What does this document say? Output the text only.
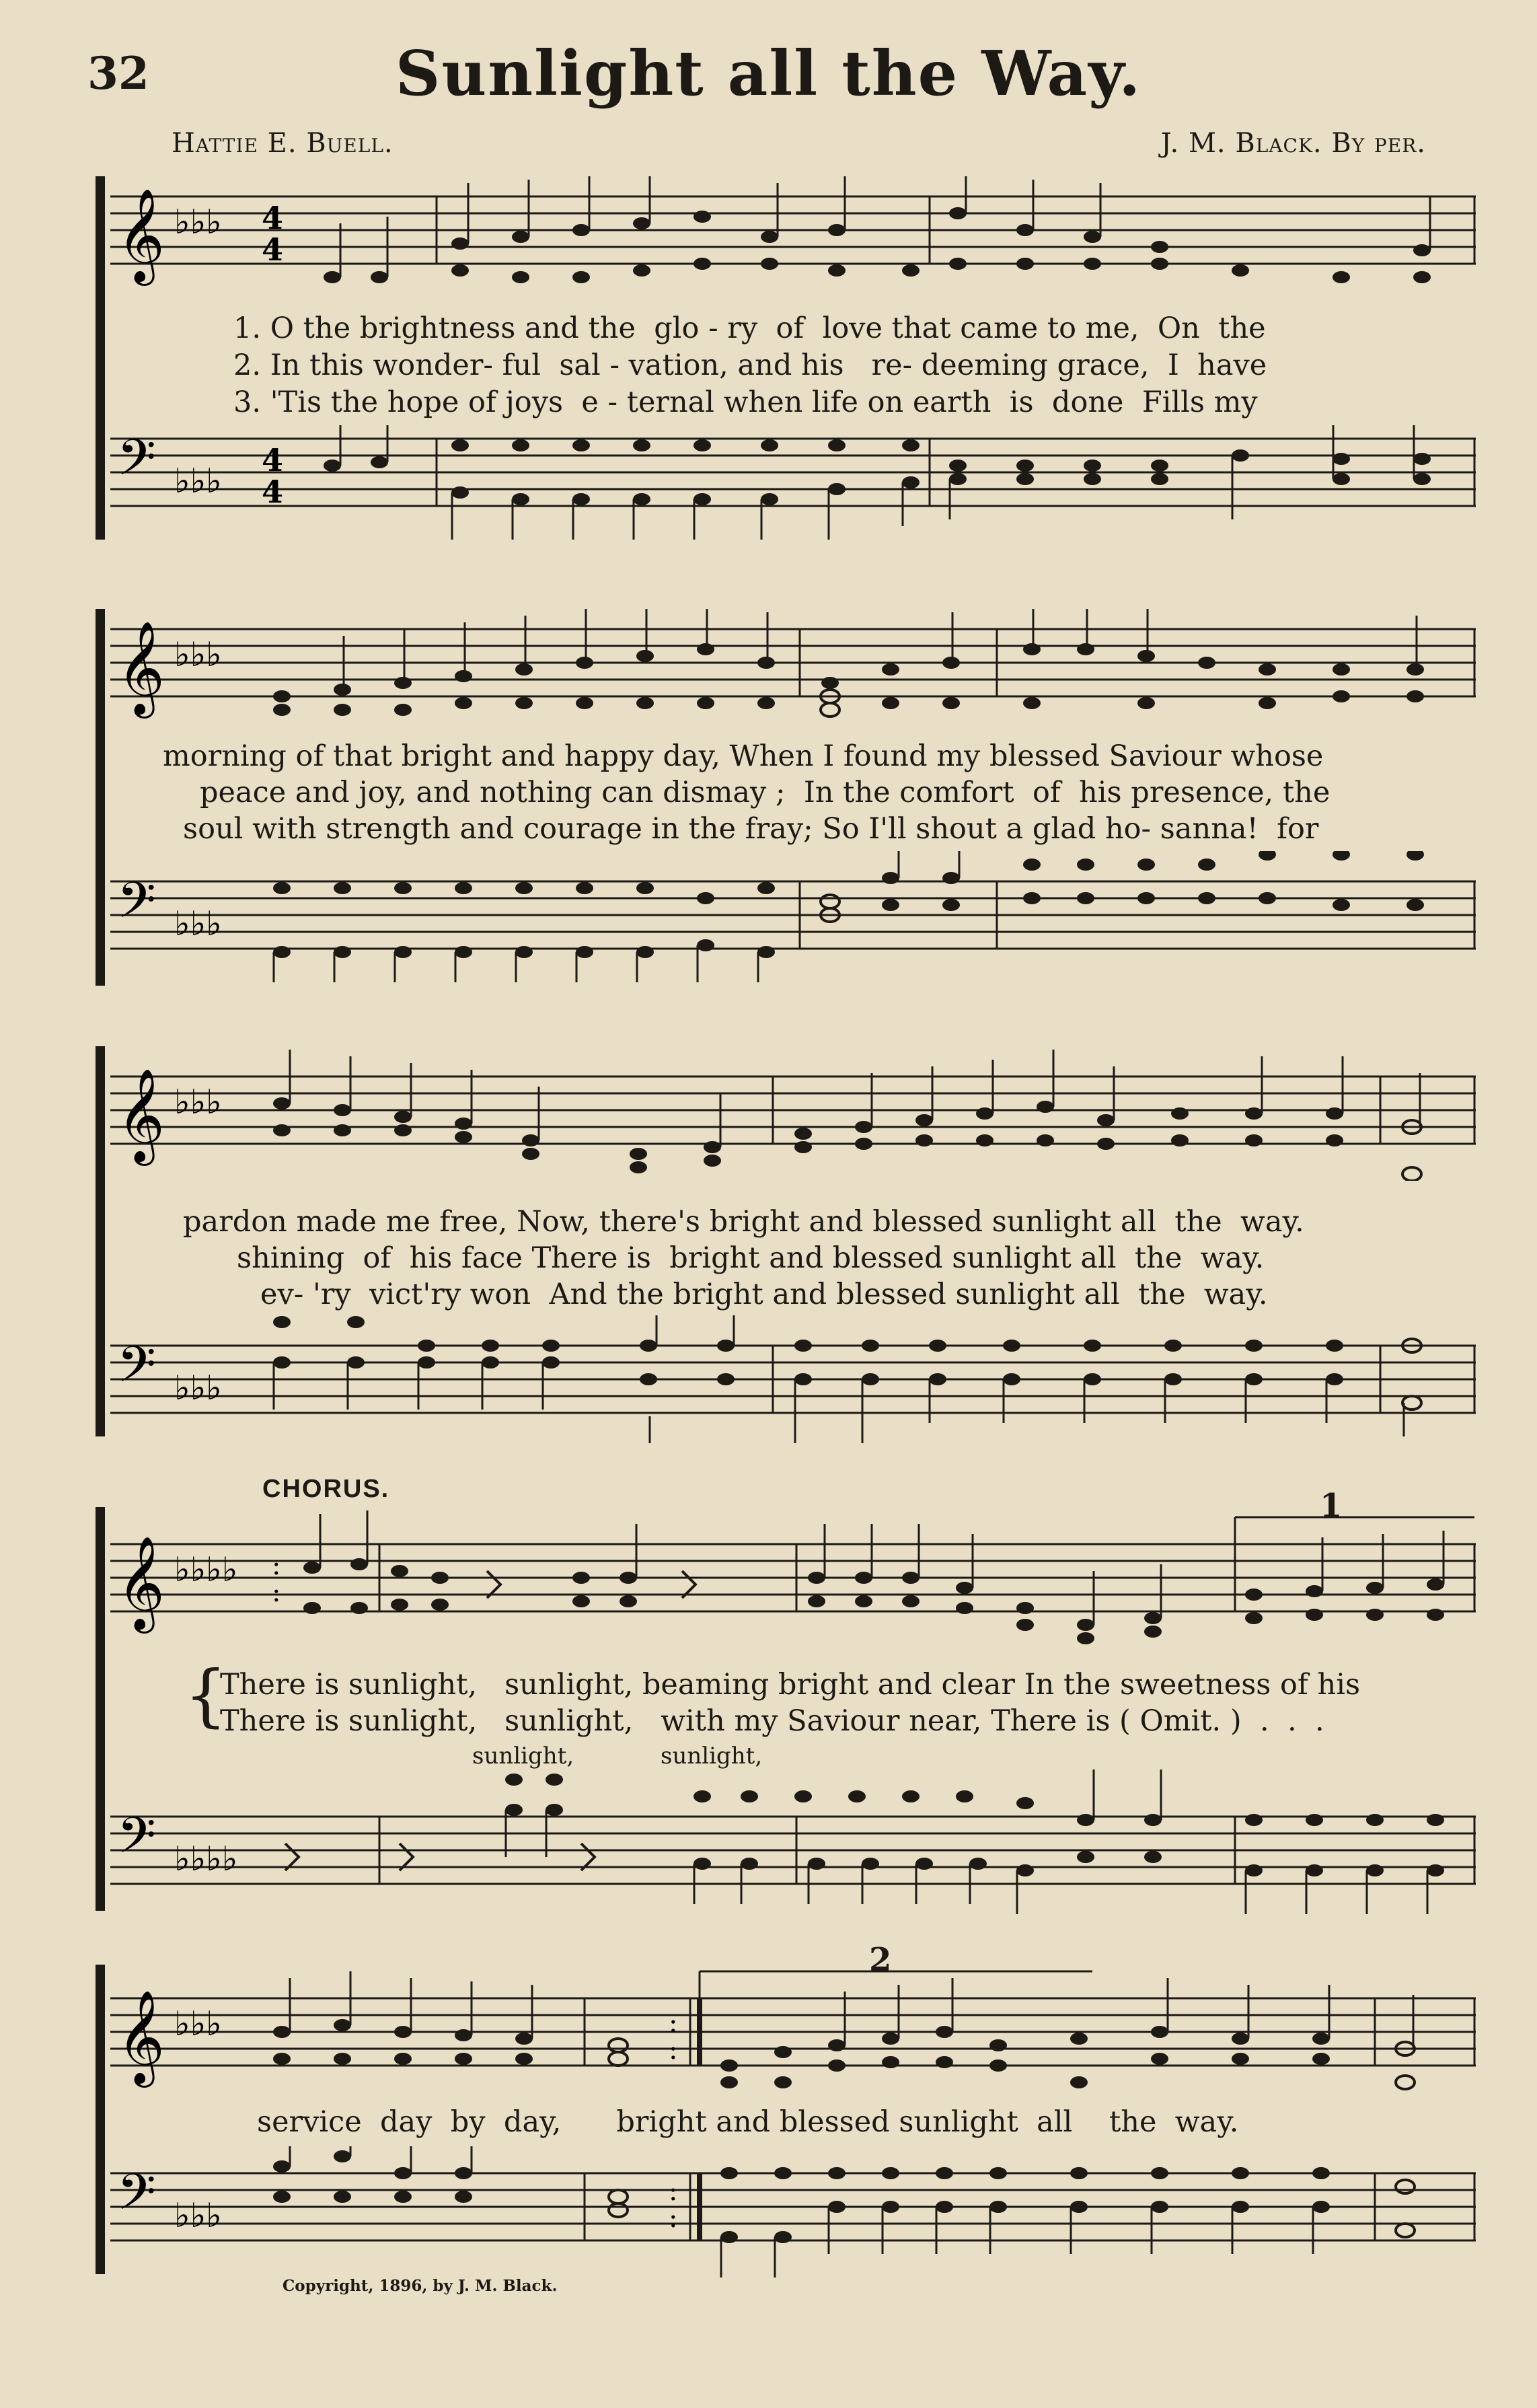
32	Sunlight all the Way.
Hattie E. Buell.	J. M. Black. By per.
𝄞 ♭♭♭ 4
4
1. O the brightness and the  glo - ry  of  love that came to me,  On  the
2. In this wonder- ful  sal - vation, and his   re- deeming grace,  I  have
3. 'Tis the hope of joys  e - ternal when life on earth  is  done  Fills my
𝄢 ♭♭♭
4
4
𝄞 ♭♭♭
morning of that bright and happy day, When I found my blessed Saviour whose
peace and joy, and nothing can dismay ;  In the comfort  of  his presence, the
soul with strength and courage in the fray; So I'll shout a glad ho- sanna!  for
𝄢 ♭♭♭
𝄞 ♭♭♭
pardon made me free, Now, there's bright and blessed sunlight all  the  way.
shining  of  his face There is  bright and blessed sunlight all  the  way.
ev- 'ry  vict'ry won  And the bright and blessed sunlight all  the  way.
𝄢 ♭♭♭
CHORUS.
𝄞 ♭♭♭♭ :
:
1
{
There is sunlight,   sunlight, beaming bright and clear In the sweetness of his
There is sunlight,   sunlight,   with my Saviour near, There is ( Omit. )  .  .  .
sunlight,	sunlight,
𝄢 ♭♭♭♭
𝄞 ♭♭♭	:
:
2
service  day  by  day,      bright and blessed sunlight  all    the  way.
𝄢 ♭♭♭
:
:
Copyright, 1896, by J. M. Black.
